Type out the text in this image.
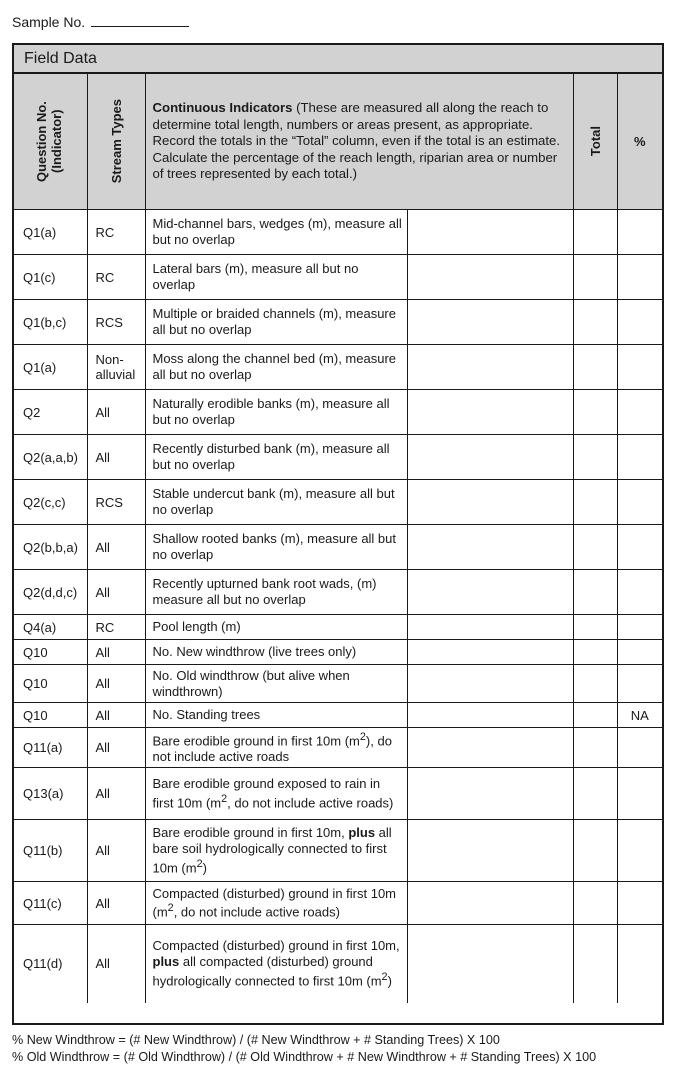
Sample No.
Field Data
Question No. (Indicator)	Stream Types	Continuous Indicators (These are measured all along the reach to determine total length, numbers or areas present, as appropriate. Record the totals in the “Total” column, even if the total is an estimate. Calculate the percentage of the reach length, riparian area or number of trees represented by each total.)		Total	%
Q1(a)	RC	Mid-channel bars, wedges (m), measure all but no overlap			
Q1(c)	RC	Lateral bars (m), measure all but no overlap			
Q1(b,c)	RCS	Multiple or braided channels (m), measure all but no overlap			
Q1(a)	Non-alluvial	Moss along the channel bed (m), measure all but no overlap			
Q2	All	Naturally erodible banks (m), measure all but no overlap			
Q2(a,a,b)	All	Recently disturbed bank (m), measure all but no overlap			
Q2(c,c)	RCS	Stable undercut bank (m), measure all but no overlap			
Q2(b,b,a)	All	Shallow rooted banks (m), measure all but no overlap			
Q2(d,d,c)	All	Recently upturned bank root wads, (m) measure all but no overlap			
Q4(a)	RC	Pool length (m)			
Q10	All	No. New windthrow (live trees only)			
Q10	All	No. Old windthrow (but alive when windthrown)			
Q10	All	No. Standing trees			NA
Q11(a)	All	Bare erodible ground in first 10m $(m^2)$, do not include active roads			
Q13(a)	All	Bare erodible ground exposed to rain in first 10m ($m^2$, do not include active roads)			
Q11(b)	All	Bare erodible ground in first 10m, plus all bare soil hydrologically connected to first 10m $(m^2)$			
Q11(c)	All	Compacted (disturbed) ground in first 10m ($m^2$, do not include active roads)			
Q11(d)	All	Compacted (disturbed) ground in first 10m, plus all compacted (disturbed) ground hydrologically connected to first 10m $(m^2)$			
% New Windthrow = (# New Windthrow) / (# New Windthrow + # Standing Trees) X 100
% Old Windthrow = (# Old Windthrow) / (# Old Windthrow + # New Windthrow + # Standing Trees) X 100
